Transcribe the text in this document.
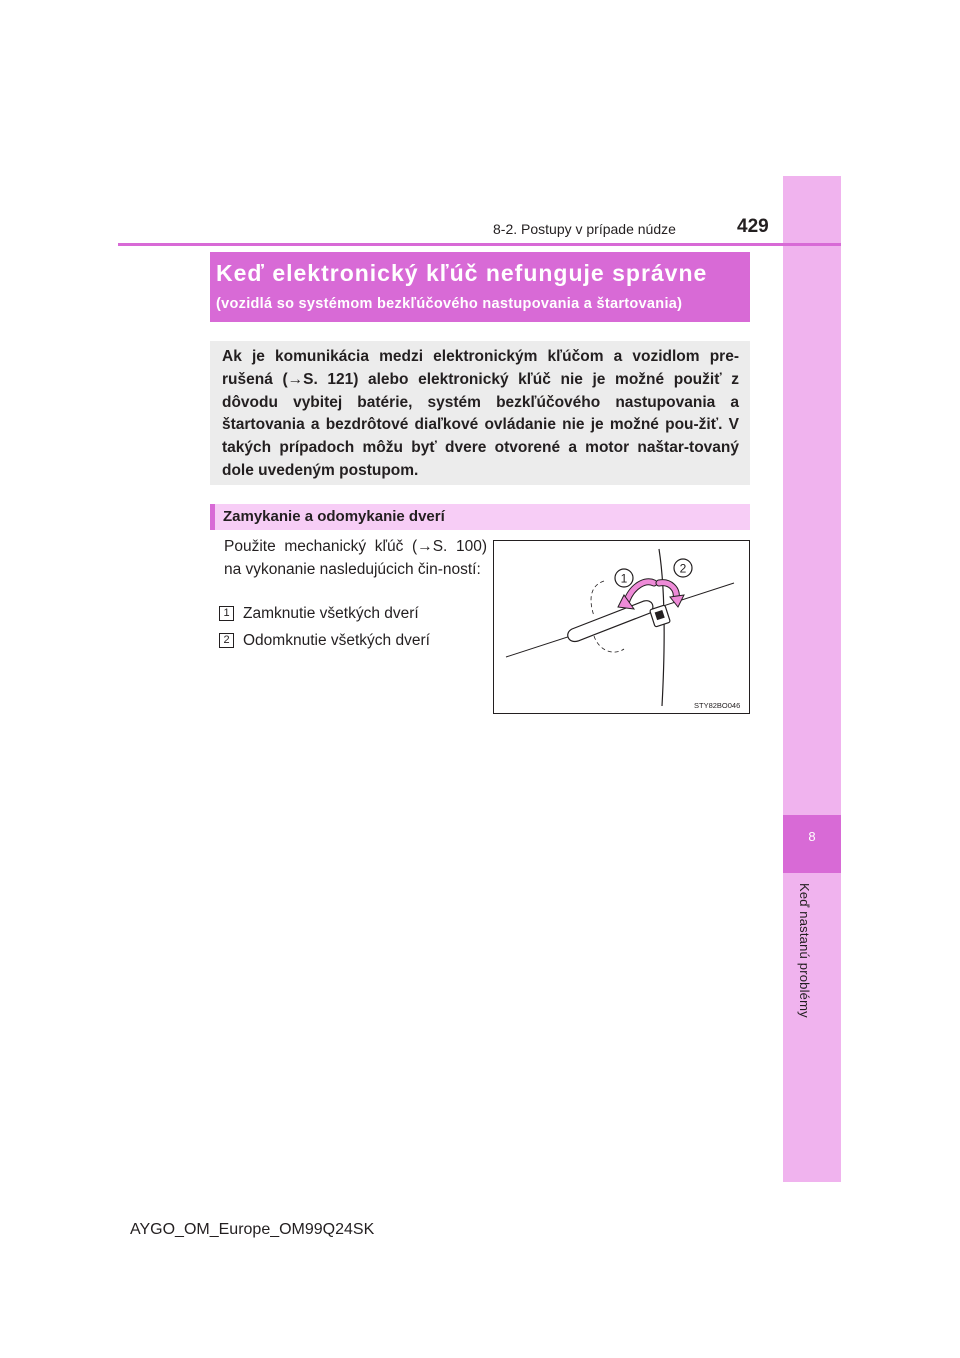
8
Keď nastanú problémy
8-2. Postupy v prípade núdze	429
Keď elektronický kľúč nefunguje správne
(vozidlá so systémom bezkľúčového nastupovania a štartovania)
Ak je komunikácia medzi elektronickým kľúčom a vozidlom pre-rušená (→S. 121) alebo elektronický kľúč nie je možné použiť z dôvodu vybitej batérie, systém bezkľúčového nastupovania a štartovania a bezdrôtové diaľkové ovládanie nie je možné pou-žiť. V takých prípadoch môžu byť dvere otvorené a motor naštar-tovaný dole uvedeným postupom.
Zamykanie a odomykanie dverí
Použite mechanický kľúč (→S. 100) na vykonanie nasledujúcich čin-ností:
1 Zamknutie všetkých dverí
2 Odomknutie všetkých dverí
1
2
STY82BO046
AYGO_OM_Europe_OM99Q24SK
